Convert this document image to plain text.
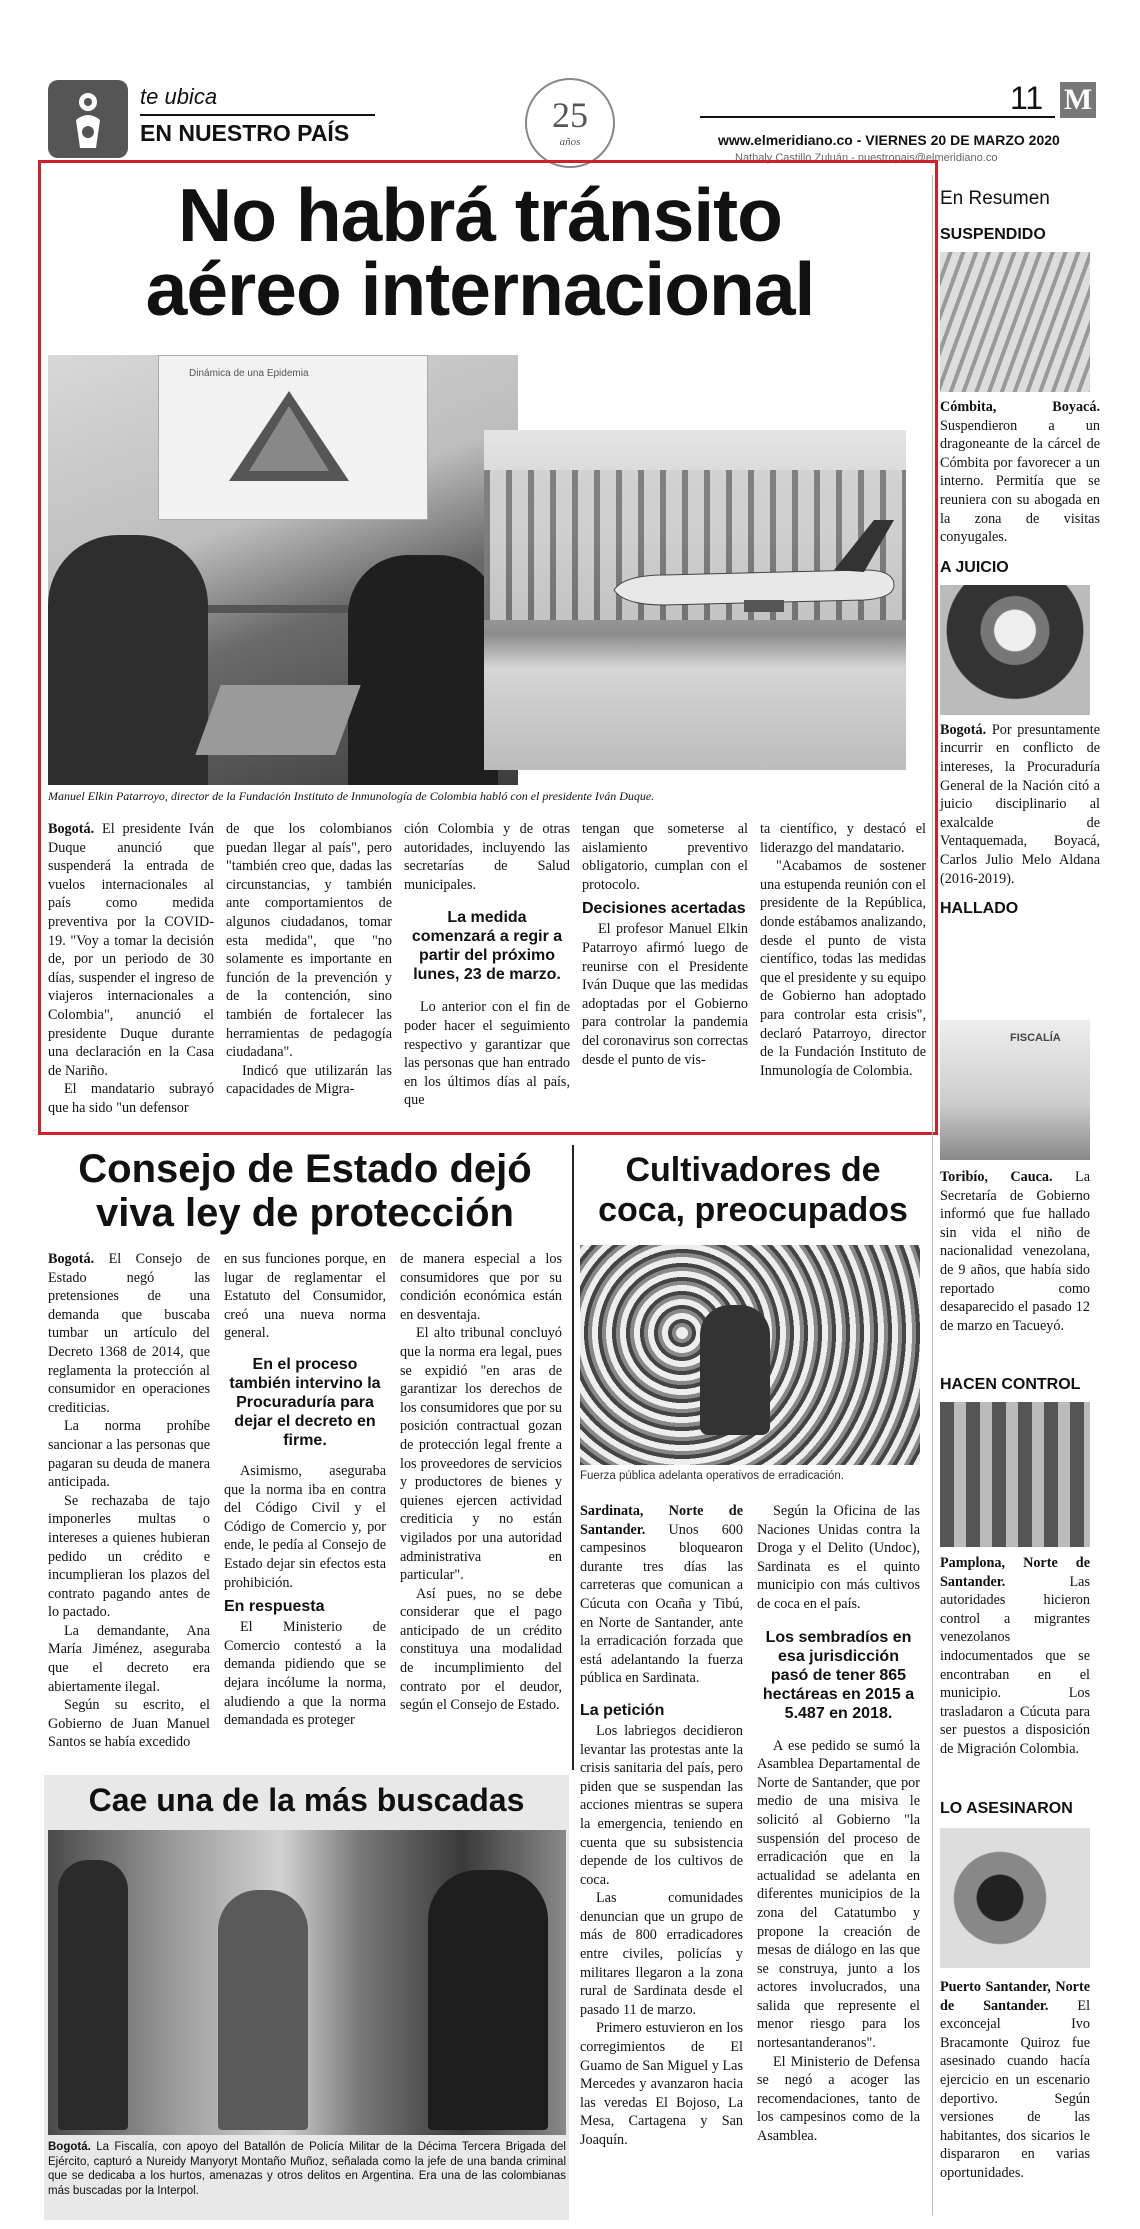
te ubica
EN NUESTRO PAÍS	25
años
11 M
www.elmeridiano.co - VIERNES 20 DE MARZO 2020
Nathaly Castillo Zuluán - nuestropais@elmeridiano.co
No habrá tránsito
aéreo internacional
Dinámica de una Epidemia
Manuel Elkin Patarroyo, director de la Fundación Instituto de Inmunología de Colombia habló con el presidente Iván Duque.

Bogotá. El presidente Iván Duque anunció que suspenderá la entrada de vuelos internacionales al país como medida preventiva por la COVID-19. "Voy a tomar la decisión de, por un periodo de 30 días, suspender el ingreso de viajeros internacionales a Colombia", anunció el presidente Duque durante una declaración en la Casa de Nariño.

El mandatario subrayó que ha sido "un defensor

de que los colombianos puedan llegar al país", pero "también creo que, dadas las circunstancias, y también ante comportamientos de algunos ciudadanos, tomar esta medida", que "no solamente es importante en función de la prevención y de la contención, sino también de fortalecer las herramientas de pedagogía ciudadana".

Indicó que utilizarán las capacidades de Migra-

ción Colombia y de otras autoridades, incluyendo las secretarías de Salud municipales.

La medida comenzará a regir a partir del próximo lunes, 23 de marzo.

Lo anterior con el fin de poder hacer el seguimiento respectivo y garantizar que las personas que han entrado en los últimos días al país, que

tengan que someterse al aislamiento preventivo obligatorio, cumplan con el protocolo.

Decisiones acertadas

El profesor Manuel Elkin Patarroyo afirmó luego de reunirse con el Presidente Iván Duque que las medidas adoptadas por el Gobierno para controlar la pandemia del coronavirus son correctas desde el punto de vis-

ta científico, y destacó el liderazgo del mandatario.

"Acabamos de sostener una estupenda reunión con el presidente de la República, donde estábamos analizando, desde el punto de vista científico, todas las medidas que el presidente y su equipo de Gobierno han adoptado para controlar esta crisis", declaró Patarroyo, director de la Fundación Instituto de Inmunología de Colombia.

En Resumen
SUSPENDIDO

Cómbita, Boyacá. Suspendieron a un dragoneante de la cárcel de Cómbita por favorecer a un interno. Permitía que se reuniera con su abogada en la zona de visitas conyugales.

A JUICIO

Bogotá. Por presuntamente incurrir en conflicto de intereses, la Procuraduría General de la Nación citó a juicio disciplinario al exalcalde de Ventaquemada, Boyacá, Carlos Julio Melo Aldana (2016-2019).

HALLADO
FISCALÍA

Toribío, Cauca. La Secretaría de Gobierno informó que fue hallado sin vida el niño de nacionalidad venezolana, de 9 años, que había sido reportado como desaparecido el pasado 12 de marzo en Tacueyó.

HACEN CONTROL

Pamplona, Norte de Santander. Las autoridades hicieron control a migrantes venezolanos indocumentados que se encontraban en el municipio. Los trasladaron a Cúcuta para ser puestos a disposición de Migración Colombia.

LO ASESINARON

Puerto Santander, Norte de Santander. El exconcejal Ivo Bracamonte Quiroz fue asesinado cuando hacía ejercicio en un escenario deportivo. Según versiones de las habitantes, dos sicarios le dispararon en varias oportunidades.

Consejo de Estado dejó
viva ley de protección

Bogotá. El Consejo de Estado negó las pretensiones de una demanda que buscaba tumbar un artículo del Decreto 1368 de 2014, que reglamenta la protección al consumidor en operaciones crediticias.

La norma prohíbe sancionar a las personas que pagaran su deuda de manera anticipada.

Se rechazaba de tajo imponerles multas o intereses a quienes hubieran pedido un crédito e incumplieran los plazos del contrato pagando antes de lo pactado.

La demandante, Ana María Jiménez, aseguraba que el decreto era abiertamente ilegal.

Según su escrito, el Gobierno de Juan Manuel Santos se había excedido

en sus funciones porque, en lugar de reglamentar el Estatuto del Consumidor, creó una nueva norma general.

En el proceso también intervino la Procuraduría para dejar el decreto en firme.

Asimismo, aseguraba que la norma iba en contra del Código Civil y el Código de Comercio y, por ende, le pedía al Consejo de Estado dejar sin efectos esta prohibición.

En respuesta

El Ministerio de Comercio contestó a la demanda pidiendo que se dejara incólume la norma, aludiendo a que la norma demandada es proteger

de manera especial a los consumidores que por su condición económica están en desventaja.

El alto tribunal concluyó que la norma era legal, pues se expidió "en aras de garantizar los derechos de los consumidores que por su posición contractual gozan de protección legal frente a los proveedores de servicios y productores de bienes y quienes ejercen actividad crediticia y no están vigilados por una autoridad administrativa en particular".

Así pues, no se debe considerar que el pago anticipado de un crédito constituya una modalidad de incumplimiento del contrato por el deudor, según el Consejo de Estado.

Cultivadores de
coca, preocupados
Fuerza pública adelanta operativos de erradicación.

Sardinata, Norte de Santander. Unos 600 campesinos bloquearon durante tres días las carreteras que comunican a Cúcuta con Ocaña y Tibú, en Norte de Santander, ante la erradicación forzada que está adelantando la fuerza pública en Sardinata.

La petición

Los labriegos decidieron levantar las protestas ante la crisis sanitaria del país, pero piden que se suspendan las acciones mientras se supera la emergencia, teniendo en cuenta que su subsistencia depende de los cultivos de coca.

Las comunidades denuncian que un grupo de más de 800 erradicadores entre civiles, policías y militares llegaron a la zona rural de Sardinata desde el pasado 11 de marzo.

Primero estuvieron en los corregimientos de El Guamo de San Miguel y Las Mercedes y avanzaron hacia las veredas El Bojoso, La Mesa, Cartagena y San Joaquín.

Según la Oficina de las Naciones Unidas contra la Droga y el Delito (Undoc), Sardinata es el quinto municipio con más cultivos de coca en el país.

Los sembradíos en esa jurisdicción pasó de tener 865 hectáreas en 2015 a 5.487 en 2018.

A ese pedido se sumó la Asamblea Departamental de Norte de Santander, que por medio de una misiva le solicitó al Gobierno "la suspensión del proceso de erradicación que en la actualidad se adelanta en diferentes municipios de la zona del Catatumbo y propone la creación de mesas de diálogo en las que se construya, junto a los actores involucrados, una salida que represente el menor riesgo para los nortesantanderanos".

El Ministerio de Defensa se negó a acoger las recomendaciones, tanto de los campesinos como de la Asamblea.

Cae una de la más buscadas

Bogotá. La Fiscalía, con apoyo del Batallón de Policía Militar de la Décima Tercera Brigada del Ejército, capturó a Nureidy Manyoryt Montaño Muñoz, señalada como la jefe de una banda criminal que se dedicaba a los hurtos, amenazas y otros delitos en Argentina. Era una de las colombianas más buscadas por la Interpol.
